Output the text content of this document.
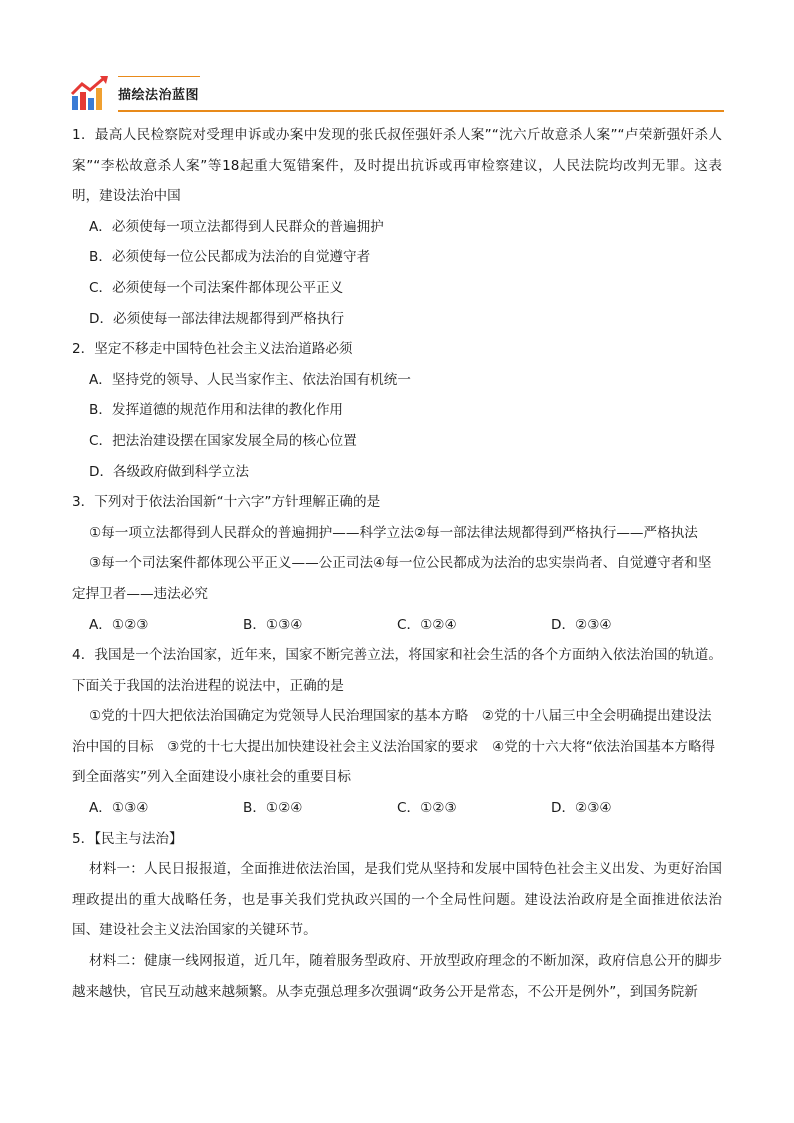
描绘法治蓝图

1．最高人民检察院对受理申诉或办案中发现的张氏叔侄强奸杀人案”“沈六斤故意杀人案”“卢荣新强奸杀人案”“李松故意杀人案”等18起重大冤错案件，及时提出抗诉或再审检察建议，人民法院均改判无罪。这表明，建设法治中国

A．必须使每一项立法都得到人民群众的普遍拥护

B．必须使每一位公民都成为法治的自觉遵守者

C．必须使每一个司法案件都体现公平正义

D．必须使每一部法律法规都得到严格执行

2．坚定不移走中国特色社会主义法治道路必须

A．坚持党的领导、人民当家作主、依法治国有机统一

B．发挥道德的规范作用和法律的教化作用

C．把法治建设摆在国家发展全局的核心位置

D．各级政府做到科学立法

3．下列对于依法治国新“十六字”方针理解正确的是

①每一项立法都得到人民群众的普遍拥护——科学立法②每一部法律法规都得到严格执行——严格执法

③每一个司法案件都体现公平正义——公正司法④每一位公民都成为法治的忠实崇尚者、自觉遵守者和坚定捍卫者——违法必究

A．①②③	B．①③④	C．①②④	D．②③④

4．我国是一个法治国家，近年来，国家不断完善立法，将国家和社会生活的各个方面纳入依法治国的轨道。下面关于我国的法治进程的说法中，正确的是

①党的十四大把依法治国确定为党领导人民治理国家的基本方略　②党的十八届三中全会明确提出建设法治中国的目标　③党的十七大提出加快建设社会主义法治国家的要求　④党的十六大将“依法治国基本方略得到全面落实”列入全面建设小康社会的重要目标

A．①③④	B．①②④	C．①②③	D．②③④

5．【民主与法治】

材料一：人民日报报道，全面推进依法治国，是我们党从坚持和发展中国特色社会主义出发、为更好治国理政提出的重大战略任务，也是事关我们党执政兴国的一个全局性问题。建设法治政府是全面推进依法治国、建设社会主义法治国家的关键环节。

材料二：健康一线网报道，近几年，随着服务型政府、开放型政府理念的不断加深，政府信息公开的脚步越来越快，官民互动越来越频繁。从李克强总理多次强调“政务公开是常态，不公开是例外”，到国务院新
